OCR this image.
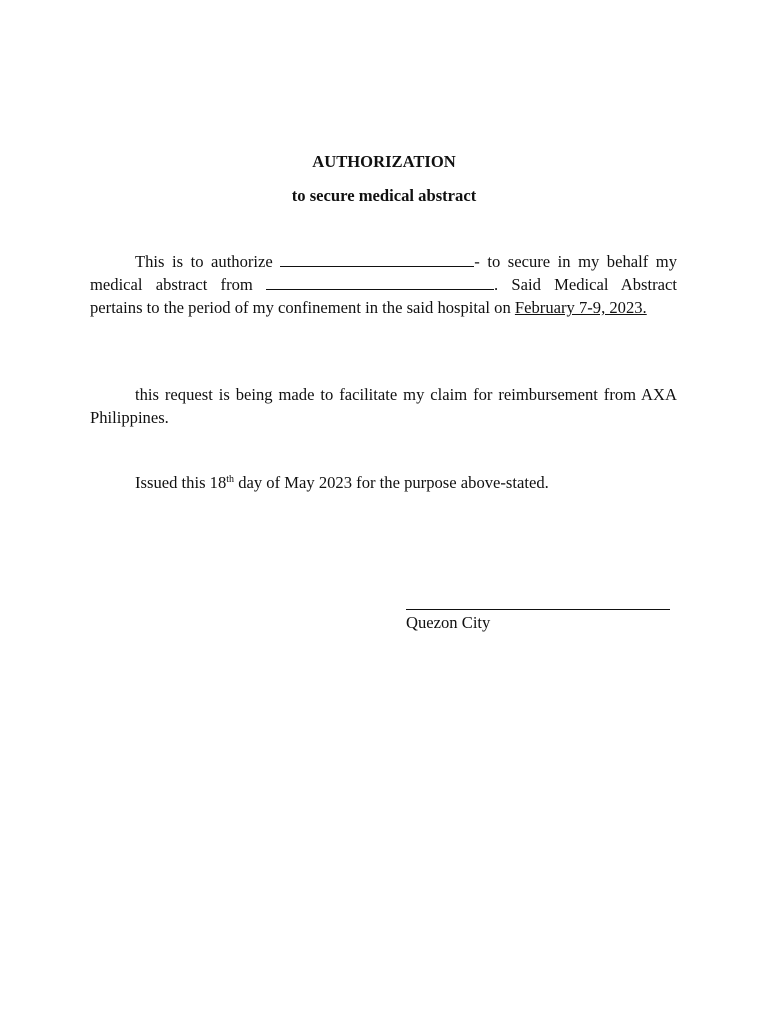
AUTHORIZATION

to secure medical abstract

This is to authorize	- to secure in my behalf my medical abstract from	. Said Medical Abstract pertains to the period of my confinement in the said hospital on February 7-9, 2023.

this request is being made to facilitate my claim for reimbursement from AXA Philippines.

Issued this 18th day of May 2023 for the purpose above-stated.

Quezon City
